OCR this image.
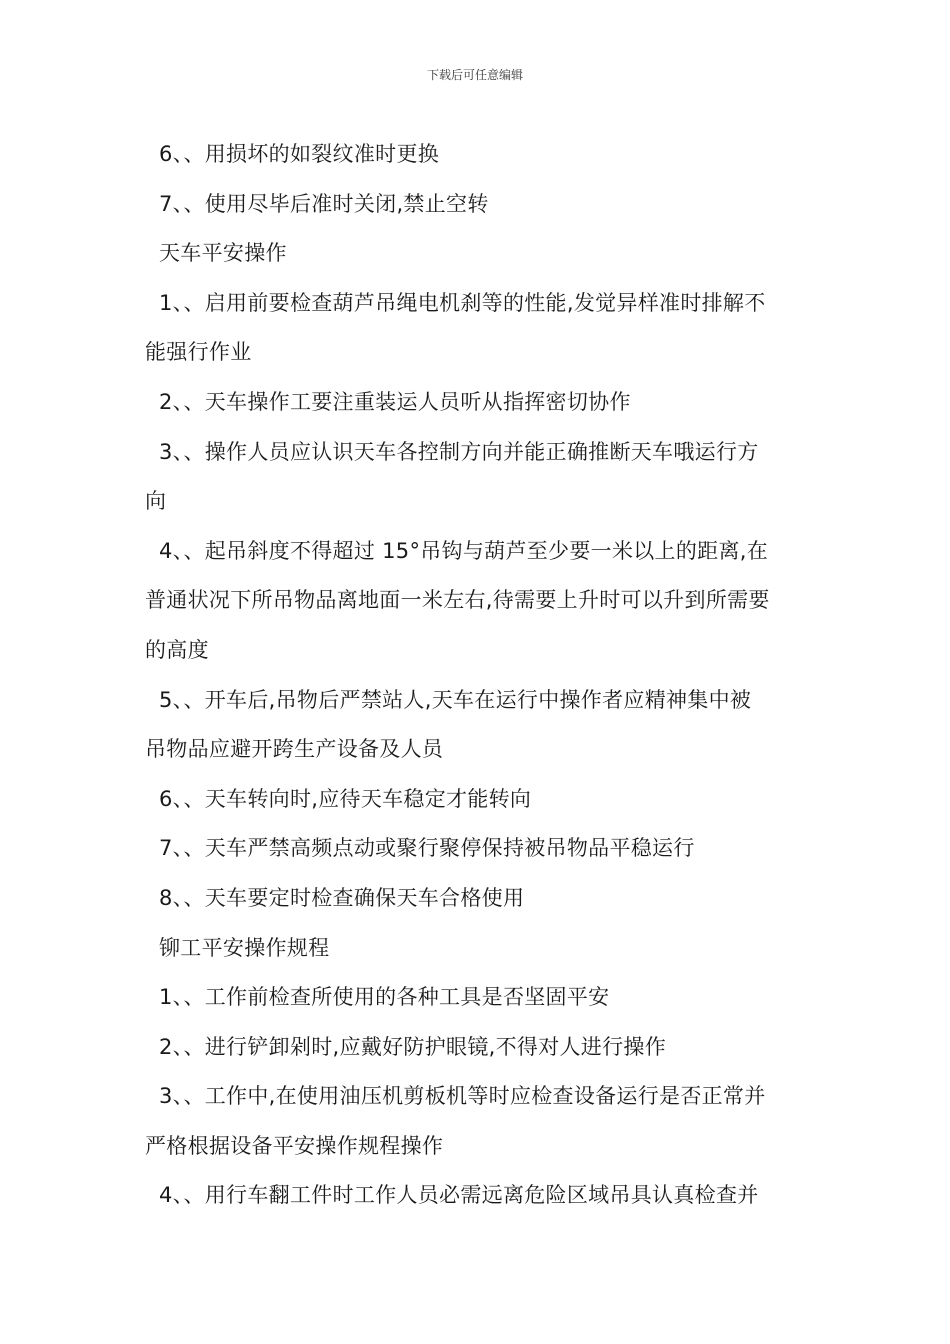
下载后可任意编辑
6、、用损坏的如裂纹准时更换
7、、使用尽毕后准时关闭,禁止空转
天车平安操作
1、、启用前要检查葫芦吊绳电机刹等的性能,发觉异样准时排解不
能强行作业
2、、天车操作工要注重装运人员听从指挥密切协作
3、、操作人员应认识天车各控制方向并能正确推断天车哦运行方
向
4、、起吊斜度不得超过 15°吊钩与葫芦至少要一米以上的距离,在
普通状况下所吊物品离地面一米左右,待需要上升时可以升到所需要
的高度
5、、开车后,吊物后严禁站人,天车在运行中操作者应精神集中被
吊物品应避开跨生产设备及人员
6、、天车转向时,应待天车稳定才能转向
7、、天车严禁高频点动或聚行聚停保持被吊物品平稳运行
8、、天车要定时检查确保天车合格使用
铆工平安操作规程
1、、工作前检查所使用的各种工具是否坚固平安
2、、进行铲卸剁时,应戴好防护眼镜,不得对人进行操作
3、、工作中,在使用油压机剪板机等时应检查设备运行是否正常并
严格根据设备平安操作规程操作
4、、用行车翻工件时工作人员必需远离危险区域吊具认真检查并
